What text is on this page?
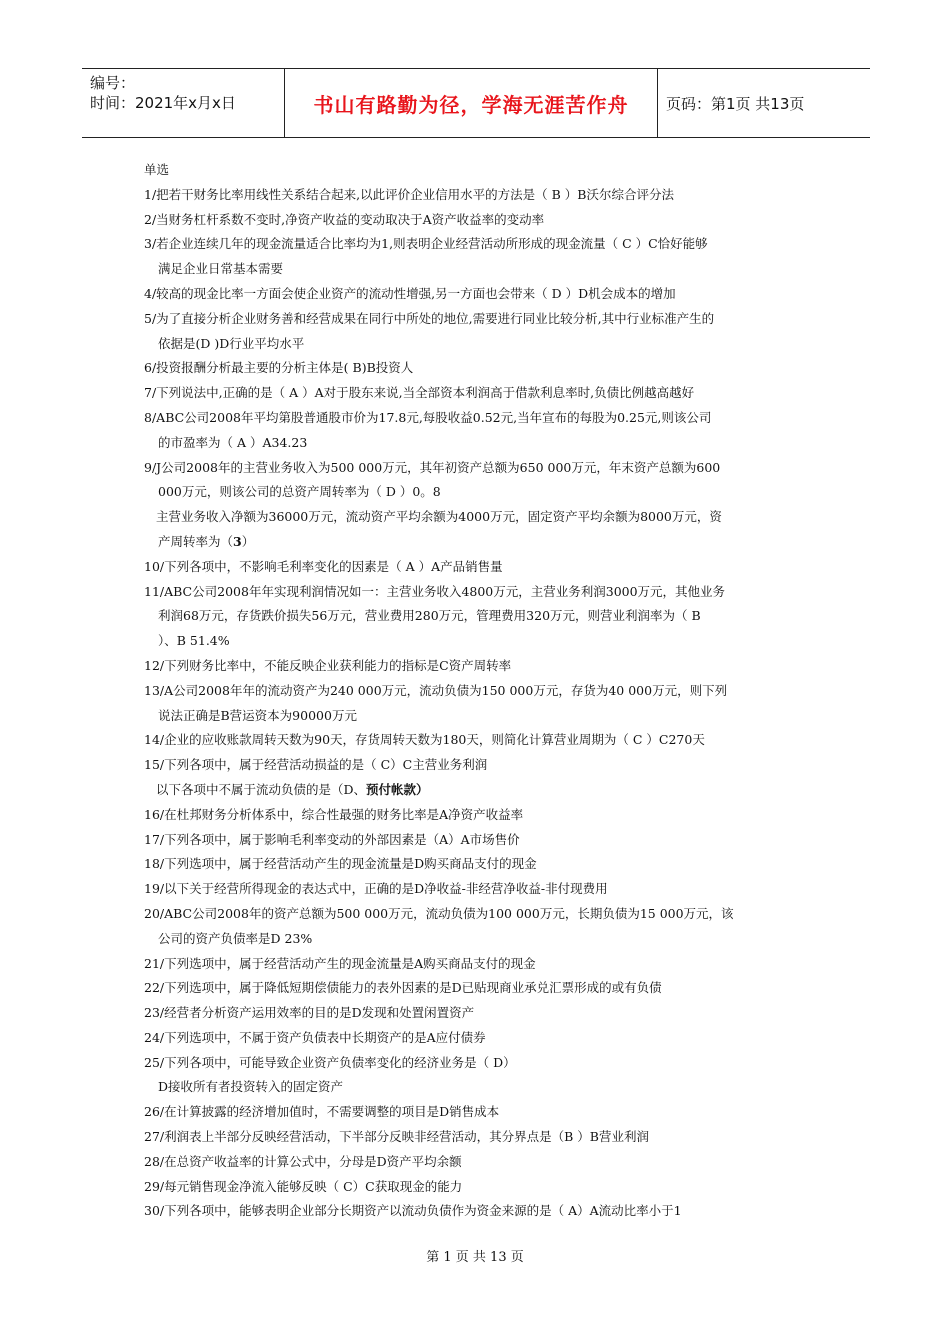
编号：
时间：2021年x月x日	书山有路勤为径，学海无涯苦作舟	页码：第1页 共13页
单选
1/把若干财务比率用线性关系结合起来,以此评价企业信用水平的方法是（ B ）B沃尔综合评分法
2/当财务杠杆系数不变时,净资产收益的变动取决于A资产收益率的变动率
3/若企业连续几年的现金流量适合比率均为1,则表明企业经营活动所形成的现金流量（ C ）C恰好能够
满足企业日常基本需要
4/较高的现金比率一方面会使企业资产的流动性增强,另一方面也会带来（ D ）D机会成本的增加
5/为了直接分析企业财务善和经营成果在同行中所处的地位,需要进行同业比较分析,其中行业标准产生的
依据是(D )D行业平均水平
6/投资报酬分析最主要的分析主体是( B)B投资人
7/下列说法中,正确的是（ A ）A对于股东来说,当全部资本利润高于借款利息率时,负债比例越高越好
8/ABC公司2008年平均第股普通股市价为17.8元,每股收益0.52元,当年宣布的每股为0.25元,则该公司
的市盈率为（ A ）A34.23
9/J公司2008年的主营业务收入为500 000万元，其年初资产总额为650 000万元，年末资产总额为600
000万元，则该公司的总资产周转率为（ D ）0。8
主营业务收入净额为36000万元，流动资产平均余额为4000万元，固定资产平均余额为8000万元，资
产周转率为（3）
10/下列各项中，不影响毛利率变化的因素是（ A ）A产品销售量
11/ABC公司2008年年实现利润情况如一：主营业务收入4800万元，主营业务利润3000万元，其他业务
利润68万元，存货跌价损失56万元，营业费用280万元，管理费用320万元，则营业利润率为（ B
）、B 51.4%
12/下列财务比率中，不能反映企业获利能力的指标是C资产周转率
13/A公司2008年年的流动资产为240 000万元，流动负债为150 000万元，存货为40 000万元，则下列
说法正确是B营运资本为90000万元
14/企业的应收账款周转天数为90天，存货周转天数为180天，则简化计算营业周期为（ C ）C270天
15/下列各项中，属于经营活动损益的是（ C）C主营业务利润
以下各项中不属于流动负债的是（D、预付帐款）
16/在杜邦财务分析体系中，综合性最强的财务比率是A净资产收益率
17/下列各项中，属于影响毛利率变动的外部因素是（A）A市场售价
18/下列选项中，属于经营活动产生的现金流量是D购买商品支付的现金
19/以下关于经营所得现金的表达式中，正确的是D净收益-非经营净收益-非付现费用
20/ABC公司2008年的资产总额为500 000万元，流动负债为100 000万元，长期负债为15 000万元，该
公司的资产负债率是D 23%
21/下列选项中，属于经营活动产生的现金流量是A购买商品支付的现金
22/下列选项中，属于降低短期偿债能力的表外因素的是D已贴现商业承兑汇票形成的或有负债
23/经营者分析资产运用效率的目的是D发现和处置闲置资产
24/下列选项中，不属于资产负债表中长期资产的是A应付债券
25/下列各项中，可能导致企业资产负债率变化的经济业务是（ D）
D接收所有者投资转入的固定资产
26/在计算披露的经济增加值时，不需要调整的项目是D销售成本
27/利润表上半部分反映经营活动，下半部分反映非经营活动，其分界点是（B ）B营业利润
28/在总资产收益率的计算公式中，分母是D资产平均余额
29/每元销售现金净流入能够反映（ C）C获取现金的能力
30/下列各项中，能够表明企业部分长期资产以流动负债作为资金来源的是（ A）A流动比率小于1
第 1 页 共 13 页
